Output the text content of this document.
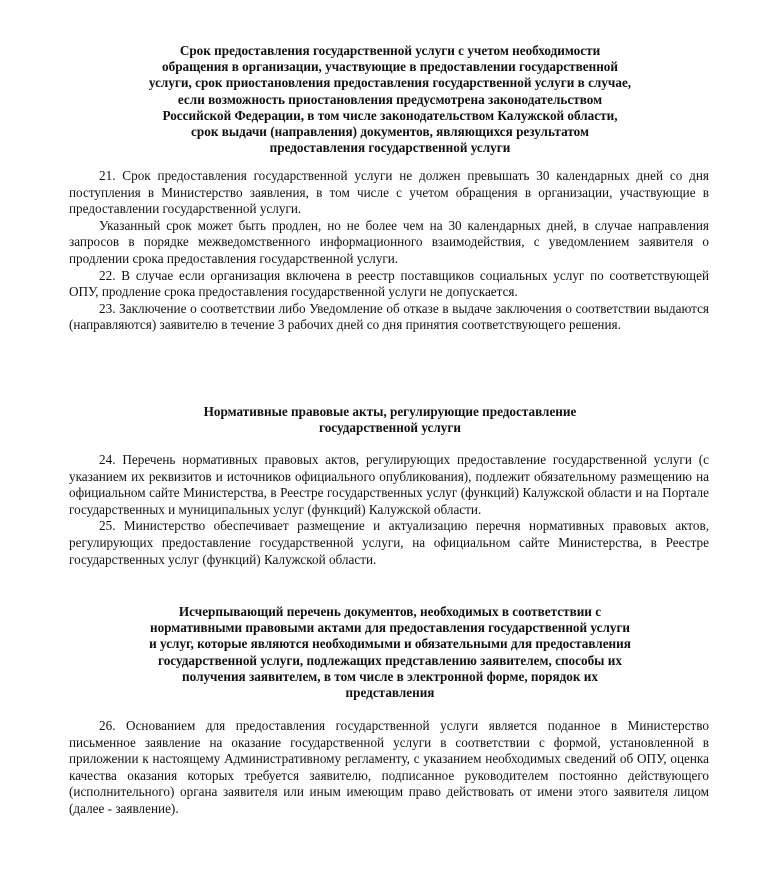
Срок предоставления государственной услуги с учетом необходимости
обращения в организации, участвующие в предоставлении государственной
услуги, срок приостановления предоставления государственной услуги в случае,
если возможность приостановления предусмотрена законодательством
Российской Федерации, в том числе законодательством Калужской области,
срок выдачи (направления) документов, являющихся результатом
предоставления государственной услуги

21. Срок предоставления государственной услуги не должен превышать 30 календарных дней со дня поступления в Министерство заявления, в том числе с учетом обращения в организации, участвующие в предоставлении государственной услуги.

Указанный срок может быть продлен, но не более чем на 30 календарных дней, в случае направления запросов в порядке межведомственного информационного взаимодействия, с уведомлением заявителя о продлении срока предоставления государственной услуги.

22. В случае если организация включена в реестр поставщиков социальных услуг по соответствующей ОПУ, продление срока предоставления государственной услуги не допускается.

23. Заключение о соответствии либо Уведомление об отказе в выдаче заключения о соответствии выдаются (направляются) заявителю в течение 3 рабочих дней со дня принятия соответствующего решения.

Нормативные правовые акты, регулирующие предоставление
государственной услуги

24. Перечень нормативных правовых актов, регулирующих предоставление государственной услуги (с указанием их реквизитов и источников официального опубликования), подлежит обязательному размещению на официальном сайте Министерства, в Реестре государственных услуг (функций) Калужской области и на Портале государственных и муниципальных услуг (функций) Калужской области.

25. Министерство обеспечивает размещение и актуализацию перечня нормативных правовых актов, регулирующих предоставление государственной услуги, на официальном сайте Министерства, в Реестре государственных услуг (функций) Калужской области.

Исчерпывающий перечень документов, необходимых в соответствии с
нормативными правовыми актами для предоставления государственной услуги
и услуг, которые являются необходимыми и обязательными для предоставления
государственной услуги, подлежащих представлению заявителем, способы их
получения заявителем, в том числе в электронной форме, порядок их
представления

26. Основанием для предоставления государственной услуги является поданное в Министерство письменное заявление на оказание государственной услуги в соответствии с формой, установленной в приложении к настоящему Административному регламенту, с указанием необходимых сведений об ОПУ, оценка качества оказания которых требуется заявителю, подписанное руководителем постоянно действующего (исполнительного) органа заявителя или иным имеющим право действовать от имени этого заявителя лицом (далее - заявление).
